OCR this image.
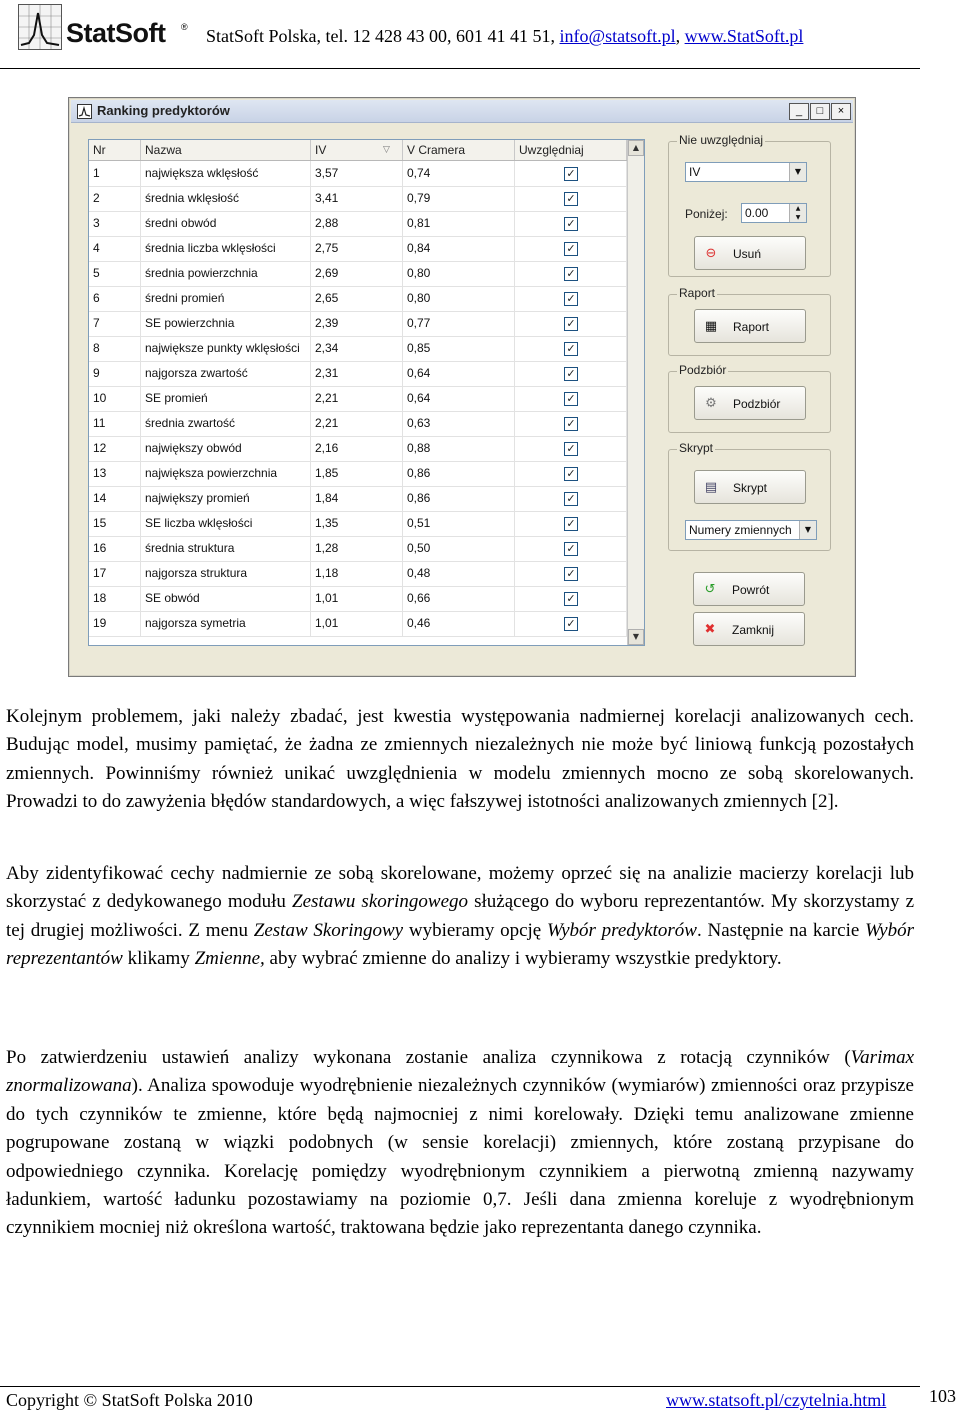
StatSoft ® StatSoft Polska, tel. 12 428 43 00, 601 41 41 51, info@statsoft.pl, www.StatSoft.pl
Ranking predyktorów	_	□	×
Nr	Nazwa	IV	▽	V Cramera	Uwzględniaj
1	największa wklęsłość	3,57	0,74	✓
2	średnia wklęsłość	3,41	0,79	✓
3	średni obwód	2,88	0,81	✓
4	średnia liczba wklęsłości	2,75	0,84	✓
5	średnia powierzchnia	2,69	0,80	✓
6	średni promień	2,65	0,80	✓
7	SE powierzchnia	2,39	0,77	✓
8	największe punkty wklęsłości	2,34	0,85	✓
9	najgorsza zwartość	2,31	0,64	✓
10	SE promień	2,21	0,64	✓
11	średnia zwartość	2,21	0,63	✓
12	największy obwód	2,16	0,88	✓
13	największa powierzchnia	1,85	0,86	✓
14	największy promień	1,84	0,86	✓
15	SE liczba wklęsłości	1,35	0,51	✓
16	średnia struktura	1,28	0,50	✓
17	najgorsza struktura	1,18	0,48	✓
18	SE obwód	1,01	0,66	✓
19	najgorsza symetria	1,01	0,46	✓
▲
▼
Nie uwzględniaj
IV	▼
Poniżej:	0.00	▲
▼
⊖ Usuń
Raport
▦ Raport
Podzbiór
⚙ Podzbiór
Skrypt
▤ Skrypt
Numery zmiennych	▼
↺ Powrót
✖ Zamknij

Kolejnym problemem, jaki należy zbadać, jest kwestia występowania nadmiernej korelacji analizowanych cech. Budując model, musimy pamiętać, że żadna ze zmiennych niezależnych nie może być liniową funkcją pozostałych zmiennych. Powinniśmy również unikać uwzględnienia w modelu zmiennych mocno ze sobą skorelowanych. Prowadzi to do zawyżenia błędów standardowych, a więc fałszywej istotności analizowanych zmiennych [2].

Aby zidentyfikować cechy nadmiernie ze sobą skorelowane, możemy oprzeć się na analizie macierzy korelacji lub skorzystać z dedykowanego modułu Zestawu skoringowego służącego do wyboru reprezentantów. My skorzystamy z tej drugiej możliwości. Z menu Zestaw Skoringowy wybieramy opcję Wybór predyktorów. Następnie na karcie Wybór reprezentantów klikamy Zmienne, aby wybrać zmienne do analizy i wybieramy wszystkie predyktory.

Po zatwierdzeniu ustawień analizy wykonana zostanie analiza czynnikowa z rotacją czynników (Varimax znormalizowana). Analiza spowoduje wyodrębnienie niezależnych czynników (wymiarów) zmienności oraz przypisze do tych czynników te zmienne, które będą najmocniej z nimi korelowały. Dzięki temu analizowane zmienne pogrupowane zostaną w wiązki podobnych (w sensie korelacji) zmiennych, które zostaną przypisane do odpowiedniego czynnika. Korelację pomiędzy wyodrębnionym czynnikiem a pierwotną zmienną nazywamy ładunkiem, wartość ładunku pozostawiamy na poziomie 0,7. Jeśli dana zmienna koreluje z wyodrębnionym czynnikiem mocniej niż określona wartość, traktowana będzie jako reprezentanta danego czynnika.

Copyright © StatSoft Polska 2010	www.statsoft.pl/czytelnia.html 103
